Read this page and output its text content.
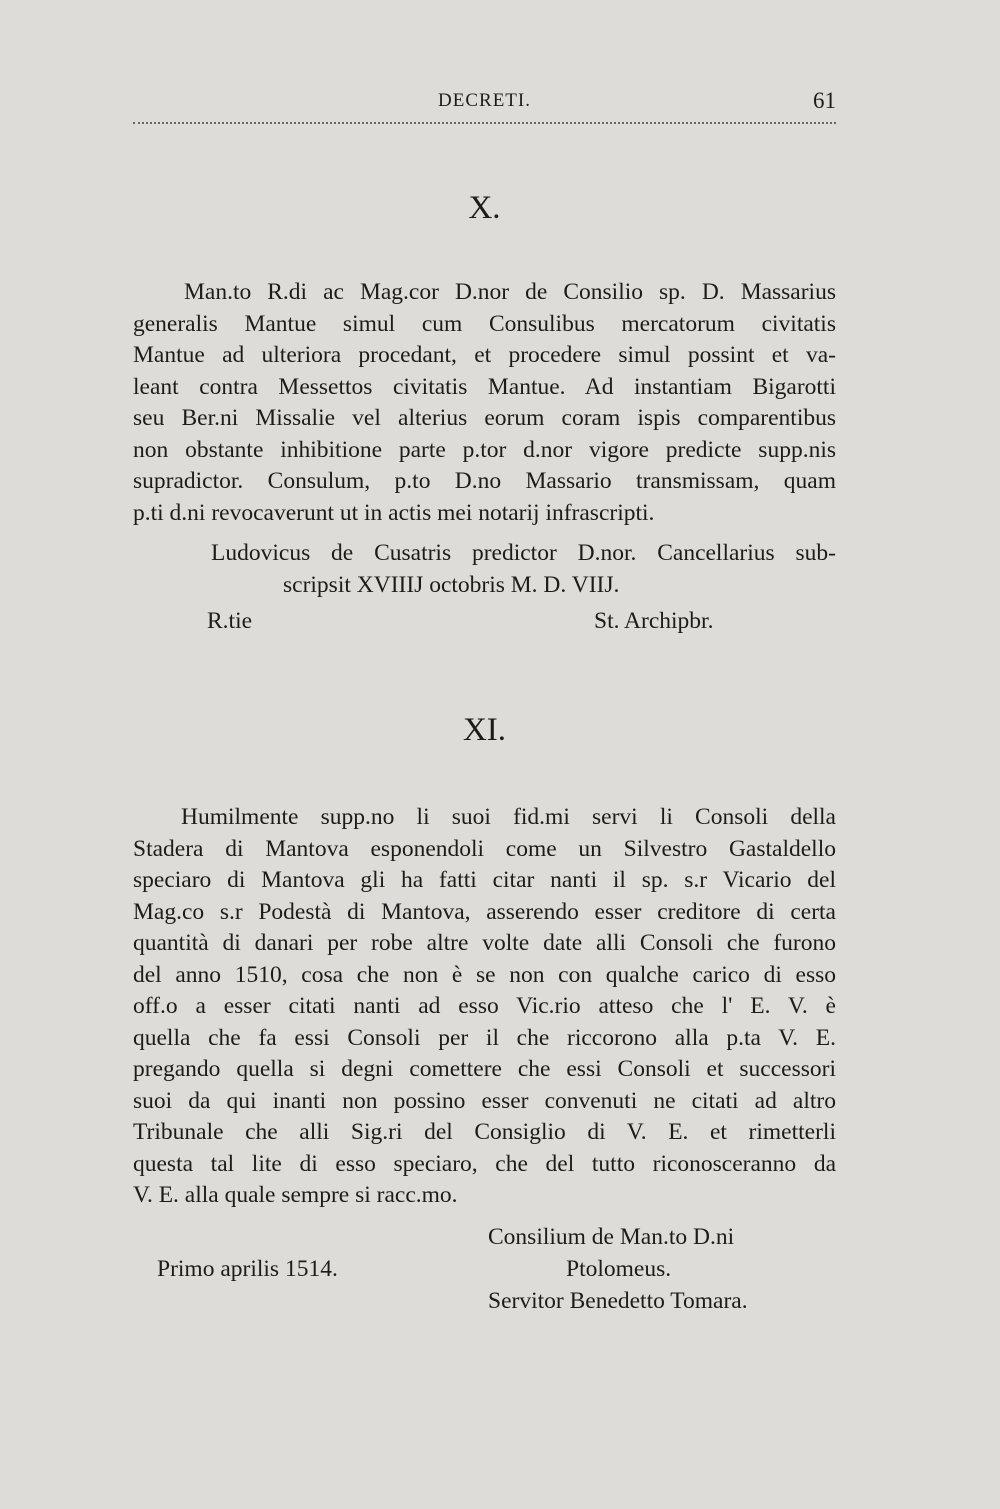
DECRETI.	61
X.
Man.to R.di ac Mag.cor D.nor de Consilio sp. D. Massarius
generalis Mantue simul cum Consulibus mercatorum civitatis
Mantue ad ulteriora procedant, et procedere simul possint et va-
leant contra Messettos civitatis Mantue. Ad instantiam Bigarotti
seu Ber.ni Missalie vel alterius eorum coram ispis comparentibus
non obstante inhibitione parte p.tor d.nor vigore predicte supp.nis
supradictor. Consulum, p.to D.no Massario transmissam, quam
p.ti d.ni revocaverunt ut in actis mei notarij infrascripti.
Ludovicus de Cusatris predictor D.nor. Cancellarius sub-
scripsit XVIIIJ octobris M. D. VIIJ.
R.tie	St. Archipbr.
XI.
Humilmente supp.no li suoi fid.mi servi li Consoli della
Stadera di Mantova esponendoli come un Silvestro Gastaldello
speciaro di Mantova gli ha fatti citar nanti il sp. s.r Vicario del
Mag.co s.r Podestà di Mantova, asserendo esser creditore di certa
quantità di danari per robe altre volte date alli Consoli che furono
del anno 1510, cosa che non è se non con qualche carico di esso
off.o a esser citati nanti ad esso Vic.rio atteso che l' E. V. è
quella che fa essi Consoli per il che riccorono alla p.ta V. E.
pregando quella si degni comettere che essi Consoli et successori
suoi da qui inanti non possino esser convenuti ne citati ad altro
Tribunale che alli Sig.ri del Consiglio di V. E. et rimetterli
questa tal lite di esso speciaro, che del tutto riconosceranno da
V. E. alla quale sempre si racc.mo.
Consilium de Man.to D.ni
Primo aprilis 1514.	Ptolomeus.
Servitor Benedetto Tomara.
